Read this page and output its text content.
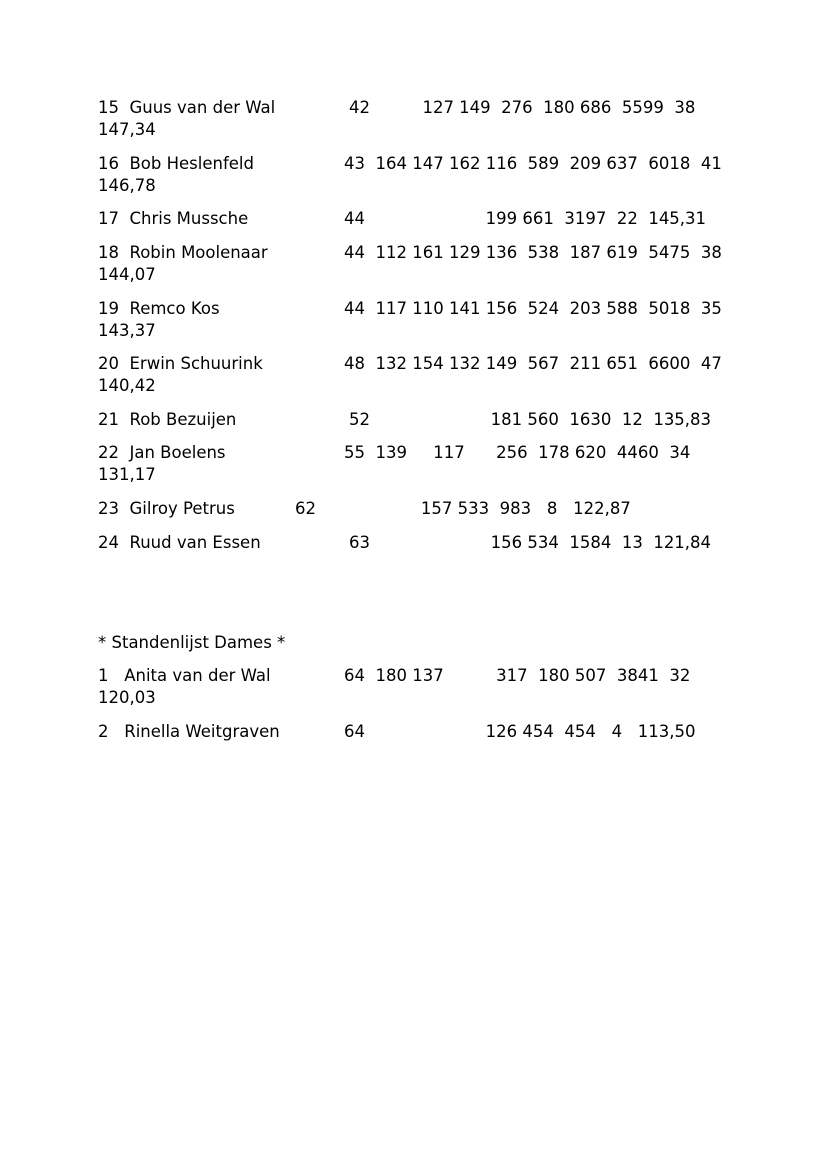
15  Guus van der Wal	42          127 149  276  180 686  5599  38
147,34
16  Bob Heslenfeld	43  164 147 162 116  589  209 637  6018  41
146,78
17  Chris Mussche	44                       199 661  3197  22  145,31
18  Robin Moolenaar	44  112 161 129 136  538  187 619  5475  38
144,07
19  Remco Kos	44  117 110 141 156  524  203 588  5018  35
143,37
20  Erwin Schuurink	48  132 154 132 149  567  211 651  6600  47
140,42
21  Rob Bezuijen	52                       181 560  1630  12  135,83
22  Jan Boelens	55  139     117      256  178 620  4460  34
131,17
23  Gilroy Petrus	62                    157 533  983   8   122,87
24  Ruud van Essen	63                       156 534  1584  13  121,84
* Standenlijst Dames *
1   Anita van der Wal	64  180 137          317  180 507  3841  32
120,03
2   Rinella Weitgraven	64                       126 454  454   4   113,50
